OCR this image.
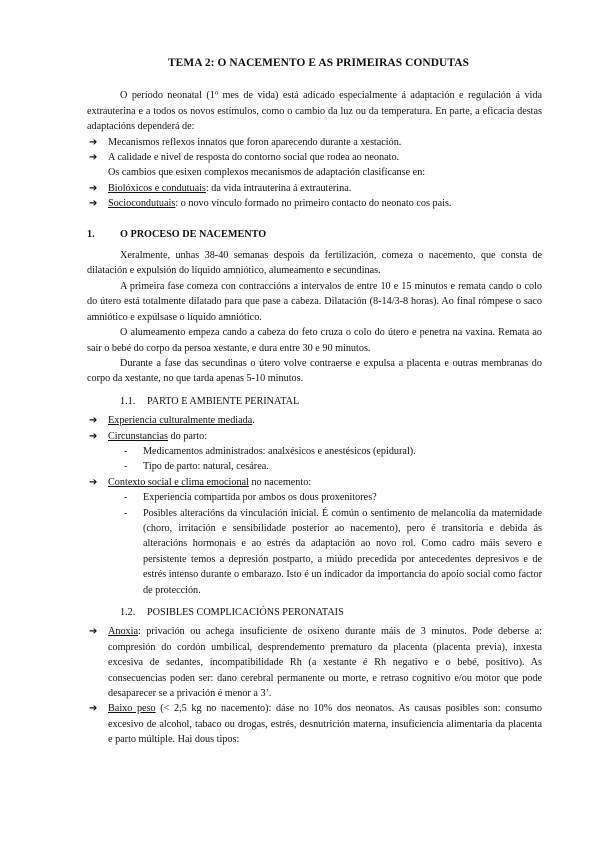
TEMA 2: O NACEMENTO E AS PRIMEIRAS CONDUTAS

O período neonatal (1º mes de vida) está adicado especialmente á adaptación e regulación á vida extrauterina e a todos os novos estímulos, como o cambio da luz ou da temperatura. En parte, a eficacia destas adaptacións dependerá de:

➔ Mecanismos reflexos innatos que foron aparecendo durante a xestación.
➔ A calidade e nivel de resposta do contorno social que rodea ao neonato.

Os cambios que esixen complexos mecanismos de adaptación clasifícanse en:

➔ Biolóxicos e condutuais: da vida intrauterina á extrauterina.
➔ Sociocondutuais: o novo vínculo formado no primeiro contacto do neonato cos pais.
1. O PROCESO DE NACEMENTO

Xeralmente, unhas 38-40 semanas despois da fertilización, comeza o nacemento, que consta de dilatación e expulsión do líquido amniótico, alumeamento e secundinas.

A primeira fase comeza con contraccións a intervalos de entre 10 e 15 minutos e remata cando o colo do útero está totalmente dilatado para que pase a cabeza. Dilatación (8-14/3-8 horas). Ao final rómpese o saco amniótico e expúlsase o líquido amniótico.

O alumeamento empeza cando a cabeza do feto cruza o colo do útero e penetra na vaxina. Remata ao saír o bebé do corpo da persoa xestante, e dura entre 30 e 90 minutos.

Durante a fase das secundinas o útero volve contraerse e expulsa a placenta e outras membranas do corpo da xestante, no que tarda apenas 5-10 minutos.

1.1. PARTO E AMBIENTE PERINATAL
➔ Experiencia culturalmente mediada.
➔ Circunstancias do parto:
- Medicamentos administrados: analxésicos e anestésicos (epidural).
- Tipo de parto: natural, cesárea.
➔ Contexto social e clima emocional no nacemento:
- Experiencia compartida por ambos os dous proxenitores?
- Posibles alteracións da vinculación inicial. É común o sentimento de melancolía da maternidade (choro, irritación e sensibilidade posterior ao nacemento), pero é transitoria e debida ás alteracións hormonais e ao estrés da adaptación ao novo rol. Como cadro máis severo e persistente temos a depresión postparto, a miúdo precedida por antecedentes depresivos e de estrés intenso durante o embarazo. Isto é un indicador da importancia do apoio social como factor de protección.
1.2. POSIBLES COMPLICACIÓNS PERONATAIS
➔ Anoxia: privación ou achega insuficiente de osíxeno durante máis de 3 minutos. Pode deberse a: compresión do cordón umbilical, desprendemento prematuro da placenta (placenta previa), inxesta excesiva de sedantes, incompatibilidade Rh (a xestante é Rh negativo e o bebé, positivo). As consecuencias poden ser: dano cerebral permanente ou morte, e retraso cognitivo e/ou motor que pode desaparecer se a privación é menor a 3’.
➔ Baixo peso (< 2,5 kg no nacemento): dáse no 10% dos neonatos. As causas posibles son: consumo excesivo de alcohol, tabaco ou drogas, estrés, desnutrición materna, insuficiencia alimentaria da placenta e parto múltiple. Hai dous tipos:
